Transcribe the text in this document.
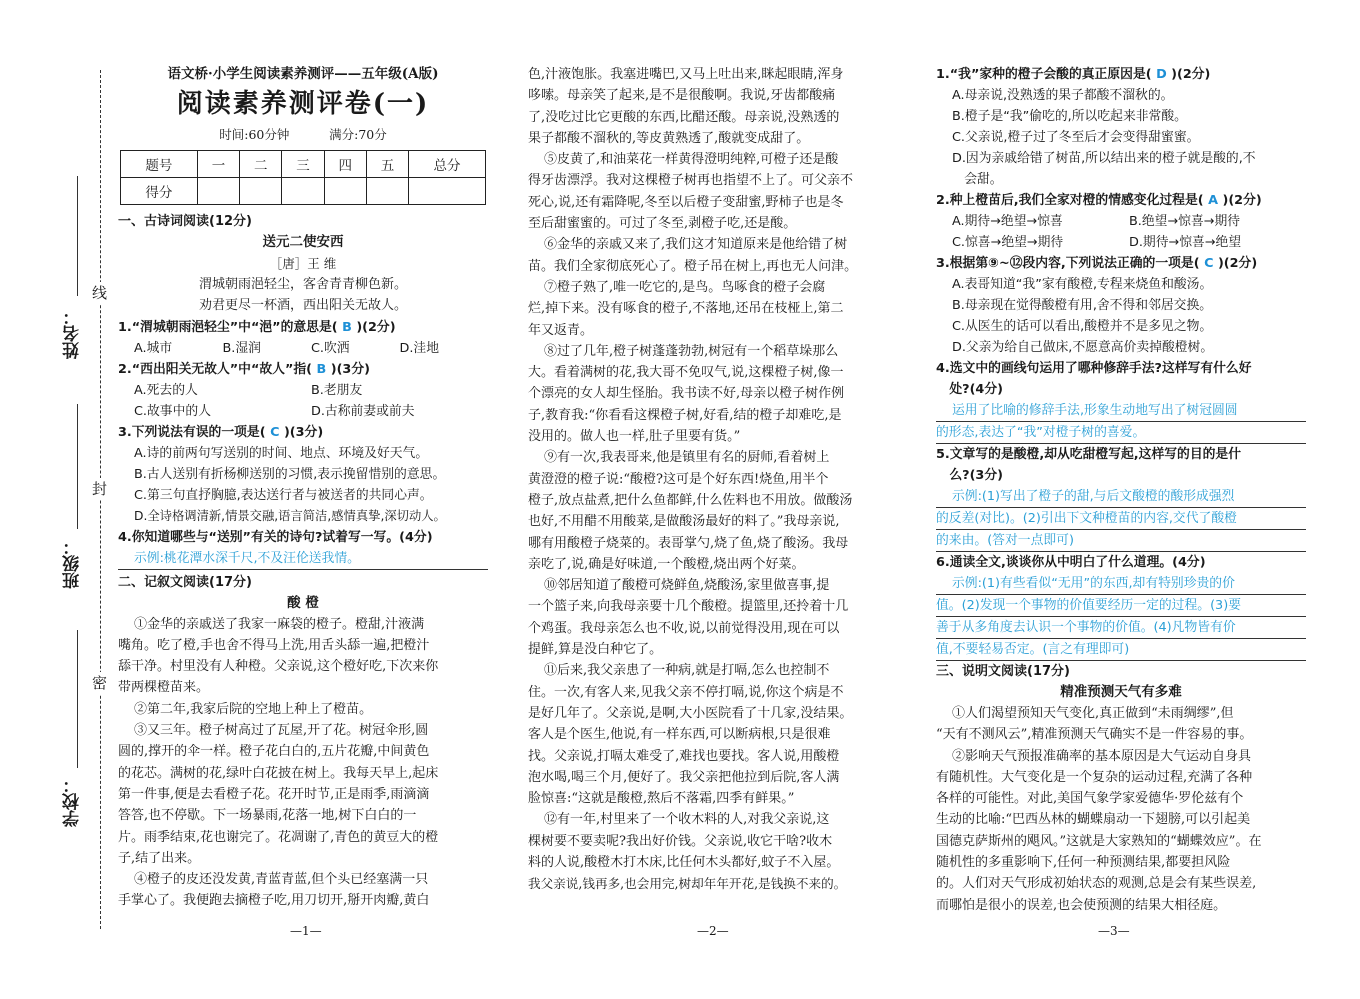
线
封
密
姓名：
班级：
学校：
语文桥·小学生阅读素养测评——五年级(A版)
阅读素养测评卷(一)
时间:60分钟          满分:70分
题号	一	二	三	四	五	总分
得分						
一、古诗词阅读(12分)
送元二使安西
［唐］王 维
渭城朝雨浥轻尘，客舍青青柳色新。
劝君更尽一杯酒，西出阳关无故人。
1.“渭城朝雨浥轻尘”中“浥”的意思是( B )(2分)
A.城市	B.湿润	C.吹洒	D.洼地
2.“西出阳关无故人”中“故人”指( B )(3分)
A.死去的人	B.老朋友
C.故事中的人	D.古称前妻或前夫
3.下列说法有误的一项是( C )(3分)
A.诗的前两句写送别的时间、地点、环境及好天气。
B.古人送别有折杨柳送别的习惯,表示挽留惜别的意思。
C.第三句直抒胸臆,表达送行者与被送者的共同心声。
D.全诗格调清新,情景交融,语言简洁,感情真挚,深切动人。
4.你知道哪些与“送别”有关的诗句?试着写一写。(4分)
示例:桃花潭水深千尺,不及汪伦送我情。
二、记叙文阅读(17分)
酸 橙
①金华的亲戚送了我家一麻袋的橙子。橙甜,汁液满
嘴角。吃了橙,手也舍不得马上洗,用舌头舔一遍,把橙汁
舔干净。村里没有人种橙。父亲说,这个橙好吃,下次来你
带两棵橙苗来。
②第二年,我家后院的空地上种上了橙苗。
③又三年。橙子树高过了瓦屋,开了花。树冠伞形,圆
圆的,撑开的伞一样。橙子花白白的,五片花瓣,中间黄色
的花芯。满树的花,绿叶白花披在树上。我每天早上,起床
第一件事,便是去看橙子花。花开时节,正是雨季,雨滴滴
答答,也不停歇。下一场暴雨,花落一地,树下白白的一
片。雨季结束,花也谢完了。花凋谢了,青色的黄豆大的橙
子,结了出来。
④橙子的皮还没发黄,青蓝青蓝,但个头已经塞满一只
手掌心了。我便跑去摘橙子吃,用刀切开,掰开肉瓣,黄白
色,汁液饱胀。我塞进嘴巴,又马上吐出来,眯起眼睛,浑身
哆嗦。母亲笑了起来,是不是很酸啊。我说,牙齿都酸痛
了,没吃过比它更酸的东西,比醋还酸。母亲说,没熟透的
果子都酸不溜秋的,等皮黄熟透了,酸就变成甜了。
⑤皮黄了,和油菜花一样黄得澄明纯粹,可橙子还是酸
得牙齿漂浮。我对这棵橙子树再也指望不上了。可父亲不
死心,说,还有霜降呢,冬至以后橙子变甜蜜,野柿子也是冬
至后甜蜜蜜的。可过了冬至,剥橙子吃,还是酸。
⑥金华的亲戚又来了,我们这才知道原来是他给错了树
苗。我们全家彻底死心了。橙子吊在树上,再也无人问津。
⑦橙子熟了,唯一吃它的,是鸟。鸟啄食的橙子会腐
烂,掉下来。没有啄食的橙子,不落地,还吊在枝桠上,第二
年又返青。
⑧过了几年,橙子树蓬蓬勃勃,树冠有一个稻草垛那么
大。看着满树的花,我大哥不免叹气,说,这棵橙子树,像一
个漂亮的女人却生怪胎。我书读不好,母亲以橙子树作例
子,教育我:“你看看这棵橙子树,好看,结的橙子却难吃,是
没用的。做人也一样,肚子里要有货。”
⑨有一次,我表哥来,他是镇里有名的厨师,看着树上
黄澄澄的橙子说:“酸橙?这可是个好东西!烧鱼,用半个
橙子,放点盐煮,把什么鱼都鲜,什么佐料也不用放。做酸汤
也好,不用醋不用酸菜,是做酸汤最好的料了。”我母亲说,
哪有用酸橙子烧菜的。表哥掌勺,烧了鱼,烧了酸汤。我母
亲吃了,说,确是好味道,一个酸橙,烧出两个好菜。
⑩邻居知道了酸橙可烧鲜鱼,烧酸汤,家里做喜事,提
一个篮子来,向我母亲要十几个酸橙。提篮里,还拎着十几
个鸡蛋。我母亲怎么也不收,说,以前觉得没用,现在可以
提鲜,算是没白种它了。
⑪后来,我父亲患了一种病,就是打嗝,怎么也控制不
住。一次,有客人来,见我父亲不停打嗝,说,你这个病是不
是好几年了。父亲说,是啊,大小医院看了十几家,没结果。
客人是个医生,他说,有一样东西,可以断病根,只是很难
找。父亲说,打嗝太难受了,难找也要找。客人说,用酸橙
泡水喝,喝三个月,便好了。我父亲把他拉到后院,客人满
脸惊喜:“这就是酸橙,熬后不落霜,四季有鲜果。”
⑫有一年,村里来了一个收木料的人,对我父亲说,这
棵树要不要卖呢?我出好价钱。父亲说,收它干啥?收木
料的人说,酸橙木打木床,比任何木头都好,蚊子不入屋。
我父亲说,钱再多,也会用完,树却年年开花,是钱换不来的。
1.“我”家种的橙子会酸的真正原因是( D )(2分)
A.母亲说,没熟透的果子都酸不溜秋的。
B.橙子是“我”偷吃的,所以吃起来非常酸。
C.父亲说,橙子过了冬至后才会变得甜蜜蜜。
D.因为亲戚给错了树苗,所以结出来的橙子就是酸的,不
会甜。
2.种上橙苗后,我们全家对橙的情感变化过程是( A )(2分)
A.期待→绝望→惊喜	B.绝望→惊喜→期待
C.惊喜→绝望→期待	D.期待→惊喜→绝望
3.根据第⑨~⑫段内容,下列说法正确的一项是( C )(2分)
A.表哥知道“我”家有酸橙,专程来烧鱼和酸汤。
B.母亲现在觉得酸橙有用,舍不得和邻居交换。
C.从医生的话可以看出,酸橙并不是多见之物。
D.父亲为给自己做床,不愿意高价卖掉酸橙树。
4.选文中的画线句运用了哪种修辞手法?这样写有什么好
处?(4分)
运用了比喻的修辞手法,形象生动地写出了树冠圆圆
的形态,表达了“我”对橙子树的喜爱。
5.文章写的是酸橙,却从吃甜橙写起,这样写的目的是什
么?(3分)
示例:(1)写出了橙子的甜,与后文酸橙的酸形成强烈
的反差(对比)。(2)引出下文种橙苗的内容,交代了酸橙
的来由。(答对一点即可)
6.通读全文,谈谈你从中明白了什么道理。(4分)
示例:(1)有些看似“无用”的东西,却有特别珍贵的价
值。(2)发现一个事物的价值要经历一定的过程。(3)要
善于从多角度去认识一个事物的价值。(4)凡物皆有价
值,不要轻易否定。(言之有理即可)
三、说明文阅读(17分)
精准预测天气有多难
①人们渴望预知天气变化,真正做到“未雨绸缪”,但
“天有不测风云”,精准预测天气确实不是一件容易的事。
②影响天气预报准确率的基本原因是大气运动自身具
有随机性。大气变化是一个复杂的运动过程,充满了各种
各样的可能性。对此,美国气象学家爱德华·罗伦兹有个
生动的比喻:“巴西丛林的蝴蝶扇动一下翅膀,可以引起美
国德克萨斯州的飓风。”这就是大家熟知的“蝴蝶效应”。在
随机性的多重影响下,任何一种预测结果,都要担风险
的。人们对天气形成初始状态的观测,总是会有某些误差,
而哪怕是很小的误差,也会使预测的结果大相径庭。
—1—	—2—	—3—
